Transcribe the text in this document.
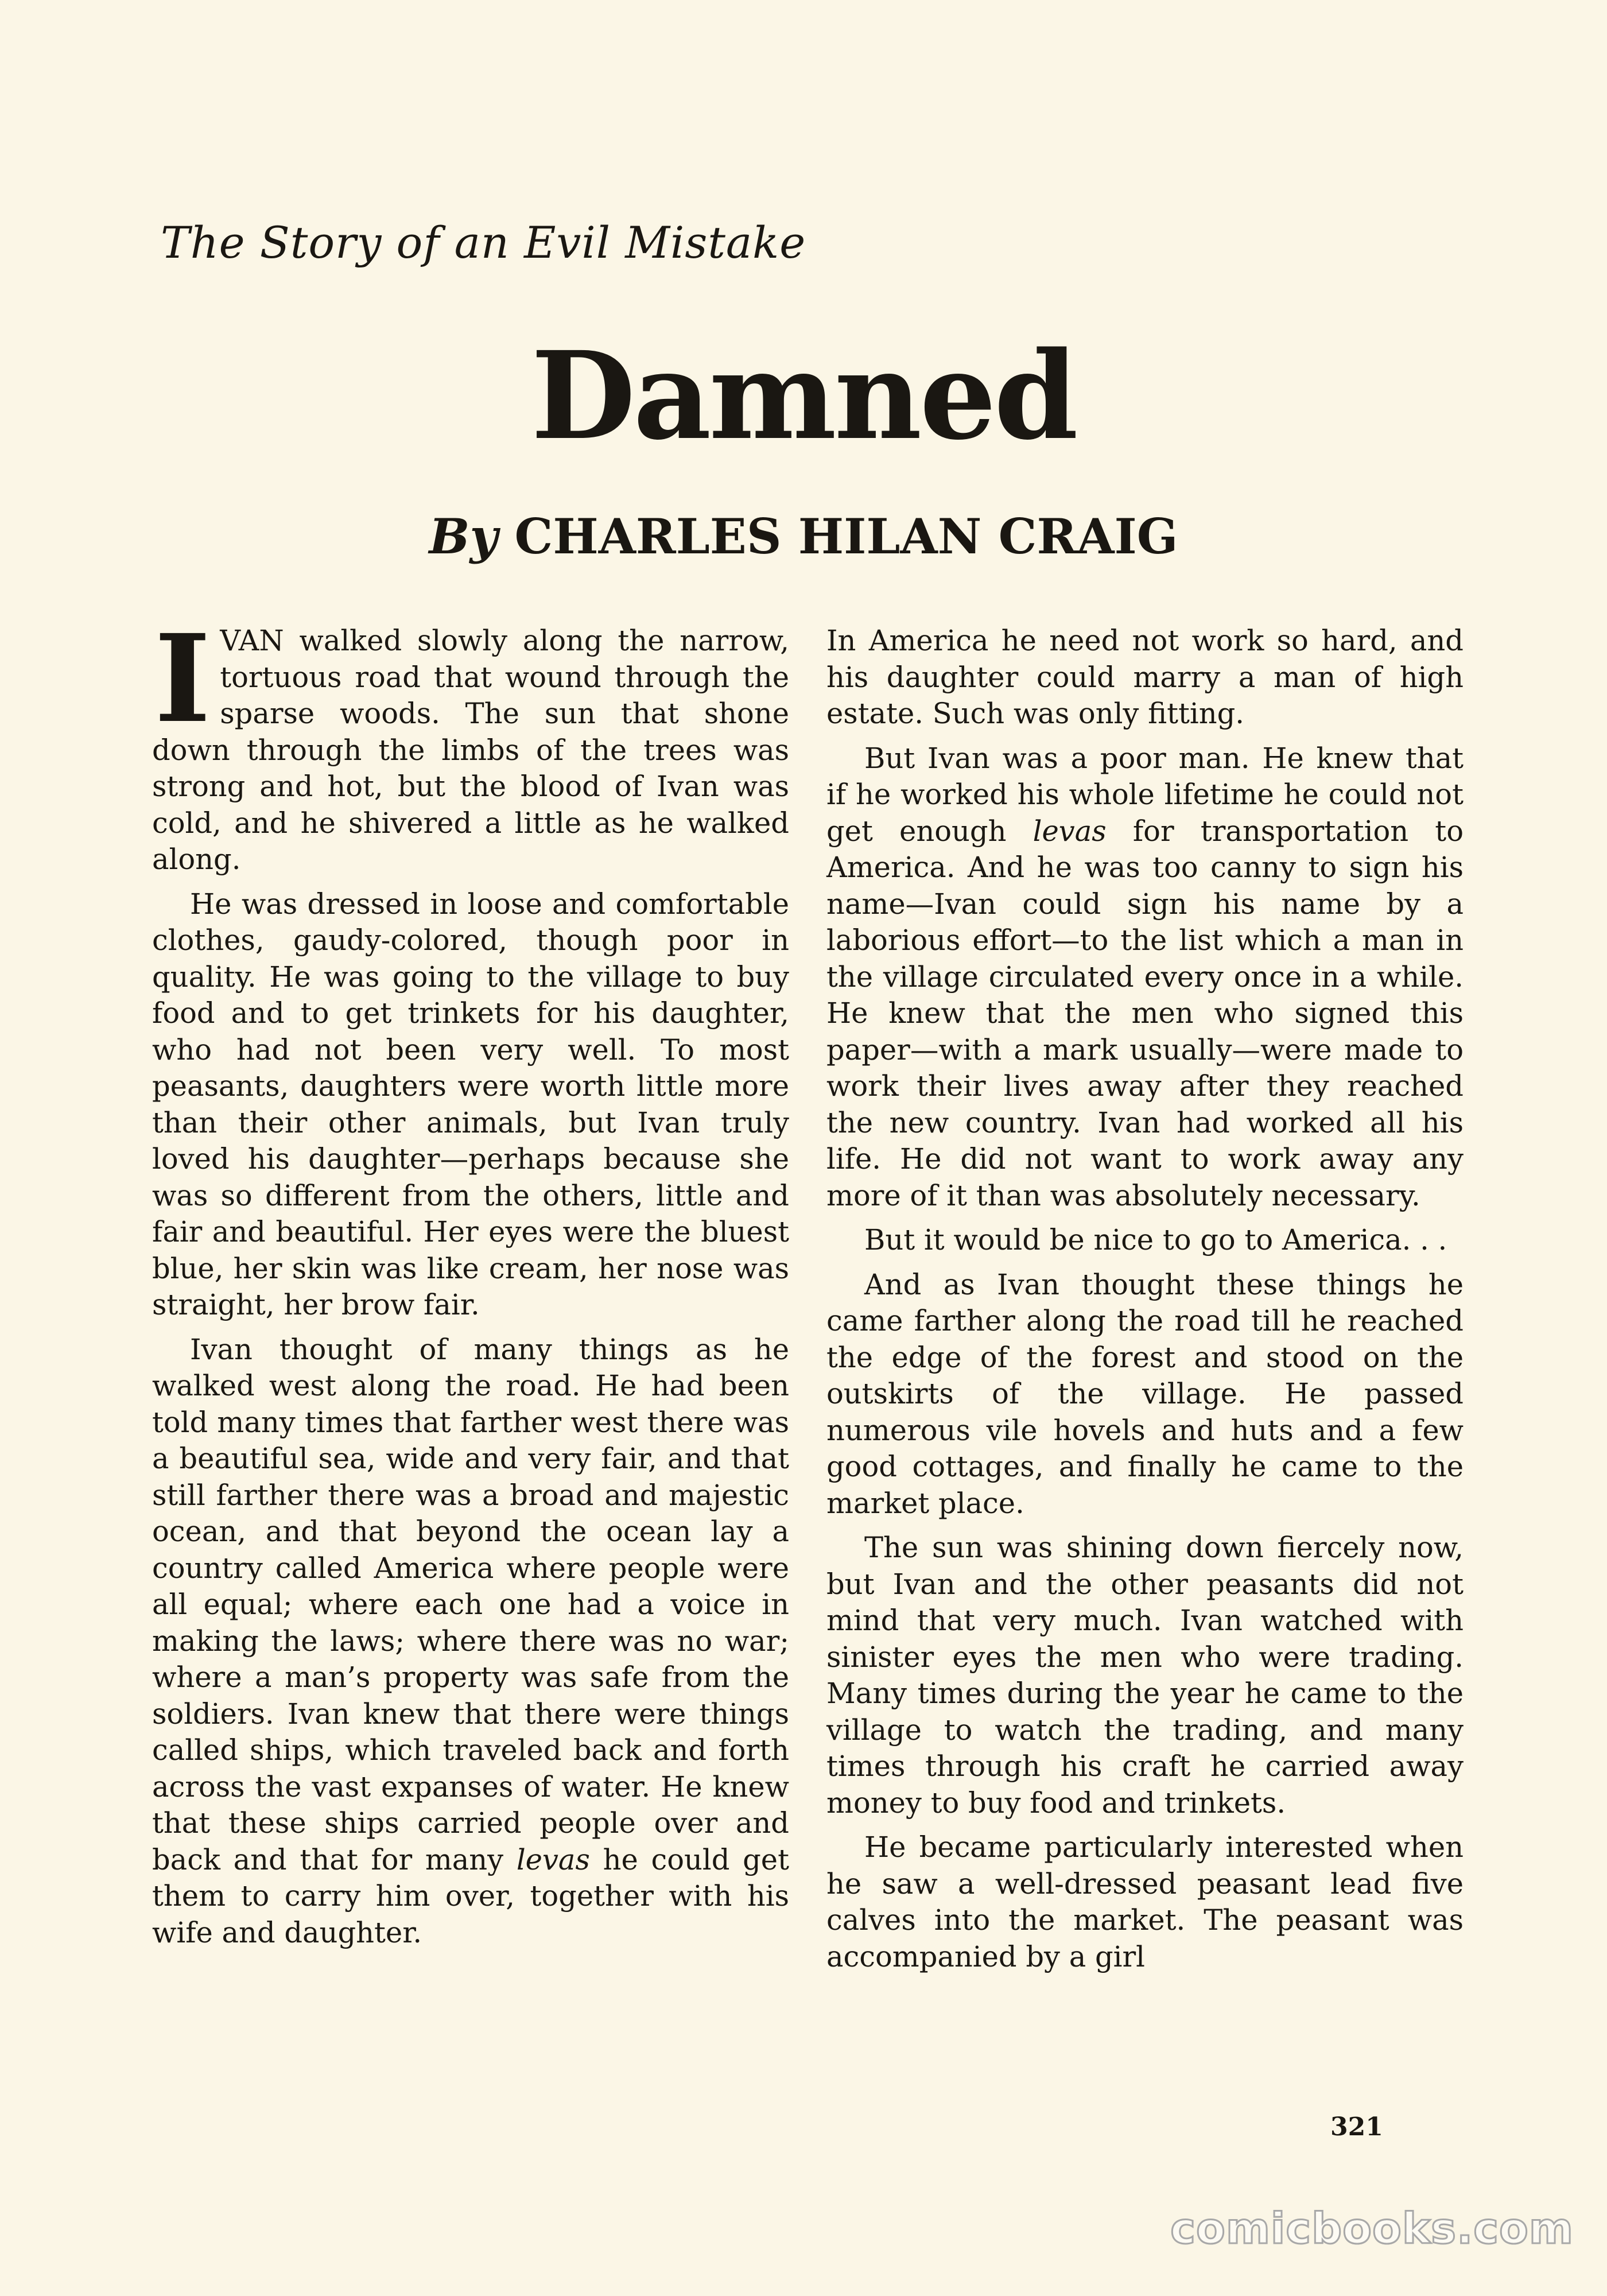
The Story of an Evil Mistake
Damned
By CHARLES HILAN CRAIG

IVAN walked slowly along the narrow, tortuous road that wound through the sparse woods. The sun that shone down through the limbs of the trees was strong and hot, but the blood of Ivan was cold, and he shivered a little as he walked along.

He was dressed in loose and comfortable clothes, gaudy-colored, though poor in quality. He was going to the village to buy food and to get trinkets for his daughter, who had not been very well. To most peasants, daughters were worth little more than their other animals, but Ivan truly loved his daughter—perhaps because she was so different from the others, little and fair and beautiful. Her eyes were the bluest blue, her skin was like cream, her nose was straight, her brow fair.

Ivan thought of many things as he walked west along the road. He had been told many times that farther west there was a beautiful sea, wide and very fair, and that still farther there was a broad and majestic ocean, and that beyond the ocean lay a country called America where people were all equal; where each one had a voice in making the laws; where there was no war; where a man’s property was safe from the soldiers. Ivan knew that there were things called ships, which traveled back and forth across the vast expanses of water. He knew that these ships carried people over and back and that for many levas he could get them to carry him over, together with his wife and daughter.

In America he need not work so hard, and his daughter could marry a man of high estate. Such was only fitting.

But Ivan was a poor man. He knew that if he worked his whole lifetime he could not get enough levas for transportation to America. And he was too canny to sign his name—Ivan could sign his name by a laborious effort—to the list which a man in the village circulated every once in a while. He knew that the men who signed this paper—with a mark usually—were made to work their lives away after they reached the new country. Ivan had worked all his life. He did not want to work away any more of it than was absolutely necessary.

But it would be nice to go to America. . .

And as Ivan thought these things he came farther along the road till he reached the edge of the forest and stood on the outskirts of the village. He passed numerous vile hovels and huts and a few good cottages, and finally he came to the market place.

The sun was shining down fiercely now, but Ivan and the other peasants did not mind that very much. Ivan watched with sinister eyes the men who were trading. Many times during the year he came to the village to watch the trading, and many times through his craft he carried away money to buy food and trinkets.

He became particularly interested when he saw a well-dressed peasant lead five calves into the market. The peasant was accompanied by a girl

321
comicbooks.com
